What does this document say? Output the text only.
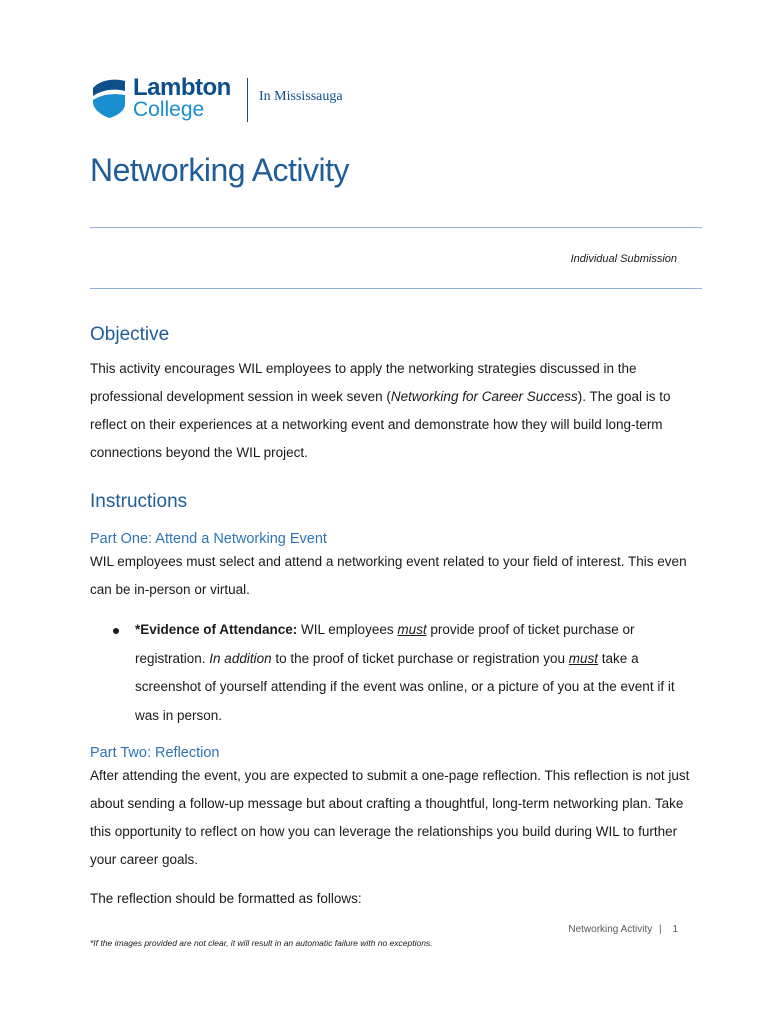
Lambton
College
In Mississauga
Networking Activity
Individual Submission
Objective

This activity encourages WIL employees to apply the networking strategies discussed in the professional development session in week seven (Networking for Career Success). The goal is to reflect on their experiences at a networking event and demonstrate how they will build long-term connections beyond the WIL project.

Instructions
Part One: Attend a Networking Event

WIL employees must select and attend a networking event related to your field of interest. This even can be in-person or virtual.

*Evidence of Attendance: WIL employees must provide proof of ticket purchase or registration. In addition to the proof of ticket purchase or registration you must take a screenshot of yourself attending if the event was online, or a picture of you at the event if it was in person.

Part Two: Reflection

After attending the event, you are expected to submit a one-page reflection. This reflection is not just about sending a follow-up message but about crafting a thoughtful, long-term networking plan. Take this opportunity to reflect on how you can leverage the relationships you build during WIL to further your career goals.

The reflection should be formatted as follows:

Networking Activity | 1
*If the images provided are not clear, it will result in an automatic failure with no exceptions.
